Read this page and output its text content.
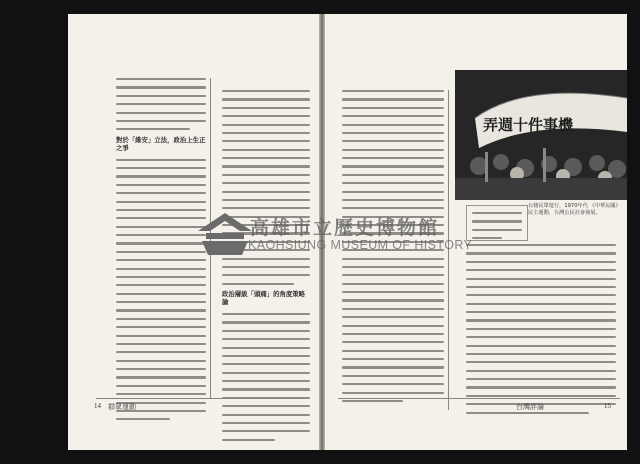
對於「維安」立法，政治上生正之爭
政治層級「頭痛」的角度策略論
弄週十件事機
台籍民眾遊行，1970年代 《中華民國》民主運動，台灣公民社會發展。
14 群眾運動	台灣評論	15
高雄市立歷史博物館
KAOHSIUNG MUSEUM OF HISTORY
